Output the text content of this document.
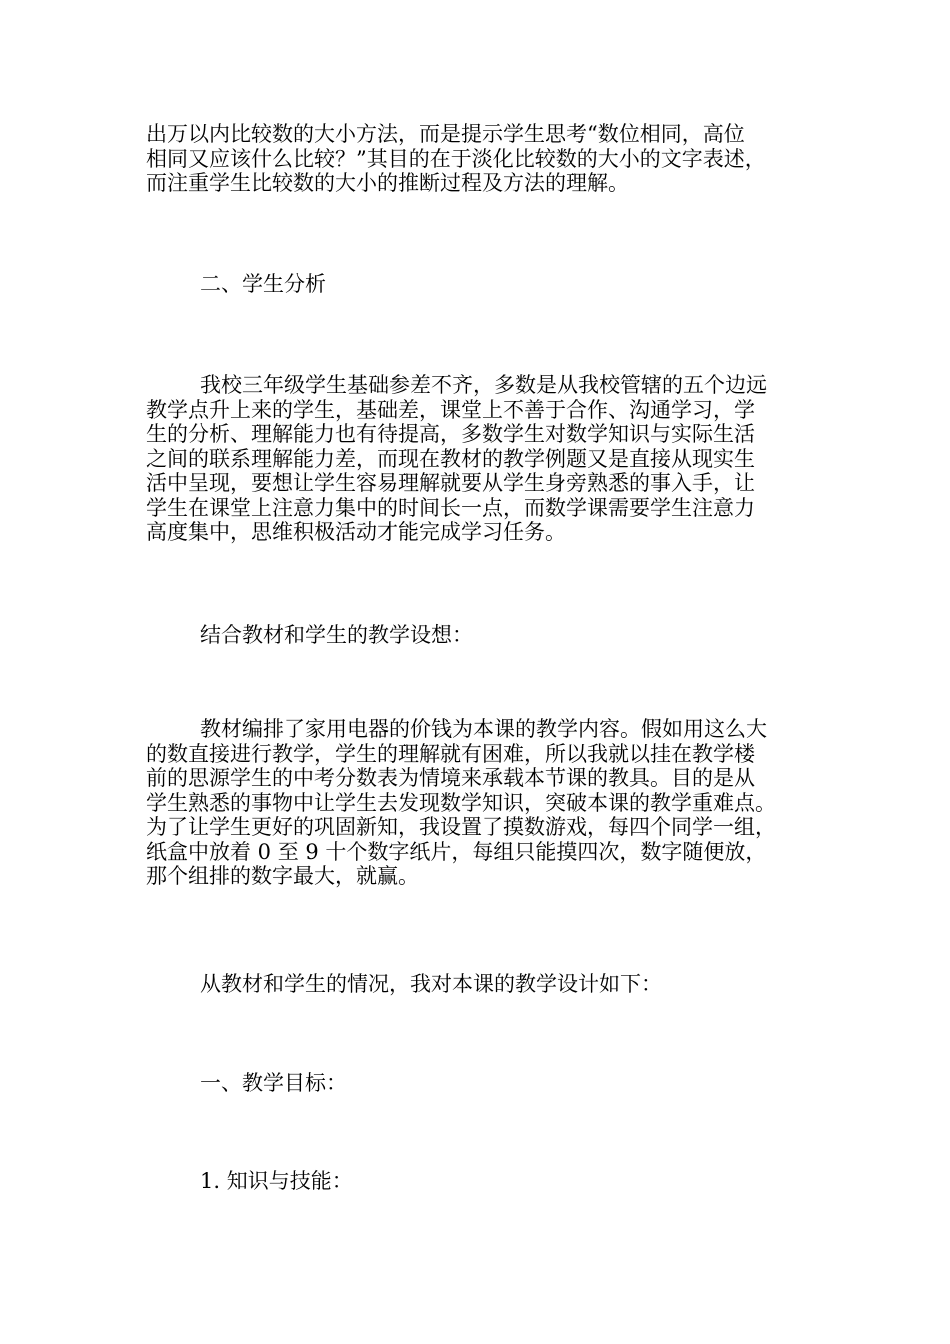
出万以内比较数的大小方法，而是提示学生思考“数位相同，高位
相同又应该什么比较？”其目的在于淡化比较数的大小的文字表述，
而注重学生比较数的大小的推断过程及方法的理解。
二、学生分析
我校三年级学生基础参差不齐，多数是从我校管辖的五个边远
教学点升上来的学生，基础差，课堂上不善于合作、沟通学习，学
生的分析、理解能力也有待提高，多数学生对数学知识与实际生活
之间的联系理解能力差，而现在教材的教学例题又是直接从现实生
活中呈现，要想让学生容易理解就要从学生身旁熟悉的事入手，让
学生在课堂上注意力集中的时间长一点，而数学课需要学生注意力
高度集中，思维积极活动才能完成学习任务。
结合教材和学生的教学设想：
教材编排了家用电器的价钱为本课的教学内容。假如用这么大
的数直接进行教学，学生的理解就有困难，所以我就以挂在教学楼
前的思源学生的中考分数表为情境来承载本节课的教具。目的是从
学生熟悉的事物中让学生去发现数学知识，突破本课的教学重难点。
为了让学生更好的巩固新知，我设置了摸数游戏，每四个同学一组，
纸盒中放着 0 至 9 十个数字纸片，每组只能摸四次，数字随便放，
那个组排的数字最大，就赢。
从教材和学生的情况，我对本课的教学设计如下：
一、教学目标：
1. 知识与技能：
